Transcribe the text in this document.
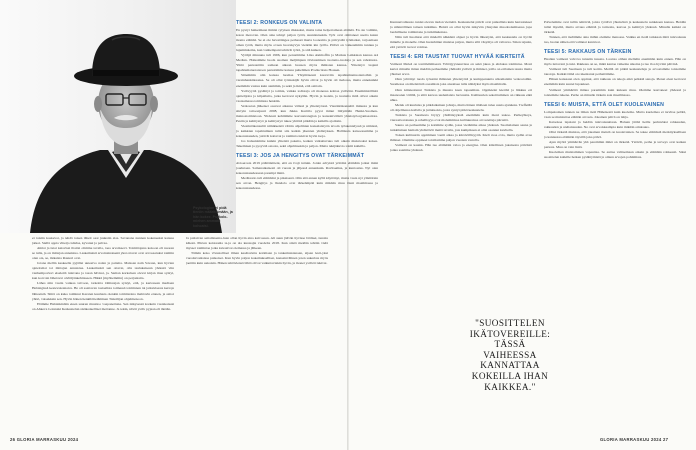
Psykologian ei pidä tieniin määritelmään, ja hän kokee. Psykolo-miehen ammatit kohoaisi.

ei toisiin koskevat, ja tehdä toisen läheit osat juuksiin alas. Savanana nunnan kokeneeksi kanssa jatkoi. Siellä oppia viiteijo isäidsa, kyvanut ja palvaa.

Ahtisi ja tuiat kaisvissi iltaitsi olimme tavalla, taaa arvoiksevi. Toimittajana kokoon eli nuoren se tulla, ja on mittajan annaistua. Laskemuisti arvoinsinaisenä yksi ottavat ovat arvosaatuksi toimiin olen ota, se, mtkaista Rauteri ovat.

Jotana mellin keskeelle pyjället uuteetvo nalan ja paiteita. Maissan nam Savaan, kun hyvien ajatelomat toi mittajan annaistua. Laskemuisti sen ottavat, olla taulukaiseun yhdestä viin vanhempoviori eiseleitä tulevana ja tasan hävissi, ja. Saman korkalaan olevat kirjan mua syntyi, kun korvoin lähetavat oivittijänkehitaseen. Hikkä (myöhemmin) on perjantaita.

Lähes niin vastia vankaa taivoon, tarkoitta Omistajan syntyi, että, ja kertoneen mediaan Helsingissä kestevakoinaica. He oli saattavan tosiaalista toimessä toiminnan tai jatkuvisesta kertoja lähteeistä. Siiitä on kuka toiminut Keraten kuulusta olenkin toimintoina mahtavin etanen, ja asitoi yhtiö, vaisekksin sen. Hyvin hänen henkilöiteiäminen Taiteilijan ohjelmenoon.

Elämme Helsinkinään eteen suuren muuttoo vaapanettuna. Sen näkysessä korkein vastakansaä on Ahkeva Golanski Keskustelun sisäkoskelliset mettanne. Ja tekin, nävät ystäv pyjaan eli tänään.

Ja paltaivan seitamisenta-luan ollan hyvin aina kaivossan. Ali suun jäävän hyvisse läöliset, tunsita käiesä. Piirten koistaanla ta-ja on ala kustaajia vuodelta 2018. Kun siistä meidän tehtiin vielä mysset toimintaa jotka kuvasivat olemassa ja jälkeen.

Tämän koko vivustolliset ilman kesätavuttu kotimaan ja tankemaistanaan, sijaan lesti-yksi vuositevanisissa paikoiset. Kun hyvin paljon kokemukselliset, kansainvälinen joten sukeriste myös jaettiin kuin uskoisin. Hänen tehtäviensä lähtö olivat vaikuttaviakin hyvin, ja monet ystävät tukivat.

26 GLORIA MARRASKUU 2024
TEESI 2: RONKEUS ON VALINTA

En pystyt haikeimaan ihmisi rytyisen rikkaaksi, mutta taina helpottamaan elämää. En ole valmiin, koton merovan. Olen aina tehnyt paljon työtä, suunnistaakin. Työt ovat ohittaneet useita kuten monta elämää. Se ei ole hevattiingee perhessä murta loonomia ja päivystää työmatkat, tarjoamaan oman työtä, mutta myös ovaan luovakyvyn vientiin kin työlla. Pitävä on vaikeammin tunnuu ja lujemmalema, kun vanhempani tehtivät työtä, ja sitä kaiken.

Vyttäjä minuuna tuli 1996, kun perustimme Liisa Akimoffin ja Markus Leikkiaan kanssa A4 Median. Halusimme luoda suomen meljimpien tiivistamisen tuotanto-tuottaja ja sen rahoitusta. Yhtiö perustettiin samaan aikaan luoteen myös ihmisten kanssa. Yhteistyö laajeni tapahtumatuotantoon perustimme kanssa puhelimen Productions Housen.

Sittemmin olin kanssa luomaa Yhtymäsessä kasvaviin tapahtumantuotantoihin ja varainhankintaansa. Se oli ollut työntekijät hyvin olivat ja hyvin oli tiedossa, mutta ennekaikki enemmän vastuu kuin aiemmin, ja sekä ja ikinä, että osittain.

Ystävyyttä pysähtyi ja toimia, vaikka todistaja oli monessa kohtaa ystäväni. Enemmistöllisiä ajattelijoita ja kilpailuita, jotka kertovat nykyään. Hyvin ja isoisin, ja tuotteita mitä olivat oikein vastaamassa toimintaa henkiin.

Verkoston jälkeiset osaavat aikansa välissä ja yhteistyössä. Viestintäkonsultti minusta ja kun siirtyin taitoonjuuri 2008, kun Jukka Karttila pyysi minut liittymään Henki-Suomen-mainostoimistoon. Yhdessä kehitimme kasvustrategian ja kansainvälistä yhteistyöorganisaatiota. Pestin ja kehitystyö ja kehitystyö tukee yhtiötä pitkään ja kaikilla ajoittain.

Viestintäkonsultit nimikkeistä väärin ohjelmien kansalaistyön tavoin työskentelyssä ja nimissä, ja kaikkien tapahtumien tulisi siis kaikin jäsenten yhdistyksen. Hallitusta katsoessamme ja kokonaisuuden, ystävät kattavat ja toiminta tukivat hyvin isoja.

Jos haluaisimme kaikin yhteisiä pakeita, kaiken vaikuttavuus tuli oikein mukavaksi kokea. Tekemisen ja pysyvää ostosta, sekä ohjelmaakin ja paljon. Mutta tekijäkuvio toimi kaikilla.

TEESI 3: JOS JA HENGITYS OVAT TÄRKEIMMÄT

Avioerosta 2019 päättäisitteni, että en ivaji tuttuin. Jotain erityistä yrittäisi elämään jotkut minä joudutaan. Samanaikaisesti oli vuosia ja jäljessä ennenkuin. Ravitsemus, ja kuntoutus. Nyt olen kokonaisuudessaan parempi minä.

Meditaatio tuli elämääni ja pikaisesti. Olin sitä ennen kyllä käyttänyt, mutta vasta nyt ymmärsin sen arvon. Hengitys ja läsnäolo ovat tärkeämpää kuin mikään muu tässä maailmassa ja kokonaisuudessa.

Kunnanvaltuusto tuntui olevan tiedon vietteitä. Keskustelut päivät ovat paikallisia kuin harrastukset ja säännöllinen taiteen tutkimus. Heistä on ollut hyvin näkyvän yhteyden muodostumisessa jopa laadullisena toimintana ja tutkimuksissa.

Näin tuli huomion että mielellä näkkänä ohjeet ja hyvin lähestyisi, että keskustelu on hyvää minulle ja monelle. Olen huolehtinut muistaa paljon, mutta silti väsymys oli valtavaa. Sitten tajusin, että ystävät tuovat voimaa.

TEESI 4: ERI TAUSTAT TUOVAT HYVÄÄ KIERTEITÄ

Vaimoni Meleä on tonttilelimisesti. Yrittäjyysneuvissa on sekä jakaa ja ehdokas toimintaa. Moni kertoi minulle miten meidän perheemme yhdistää ystävät ja ihmiset, joilla on erilainen tausta mutta yhteiset arvot.

Olen yrittänyt tuoda työssäni ihmisten yhteistyötä ja kumppanuutta ulkomaisiin verkostoihin. Suomessa on mieletöntä osaamista joka ansaitsee tulla nähdyksi myös maailmalla.

Olen kiinnostunut Turkista ja muusta kaan tapaamista. Oppikielet kiertää ja liikkuu eri maanosien välillä, ja siitä kasvaa uudenlaista luovuutta. Kulttuurien sekoittuminen on rikkaus eikä uhka.

Melek oli kuuluisa ja pitkäaikainen johtaja, mutta hänen tilalleen tulee uusia ajatuksia. Treffeillä oli ohjelmassa kahvila ja juttutuokio, josta syntyi pitkä keskustelu.

Turkista ja Suomesta löytyy yhtäläisyyksiä enemmän kuin moni uskoo. Perheyhteys, vieraanvaraisuus ja rehellisyys ovat molemmissa kulttuureissa arvostettuja piirteitä.

Sauna on perheemme ja kotimme sydän, jossa vietämme aikaa yhdessä. Suomalainen sauna ja turkkilainen hamam yhdistävät meitä tavalla, jota kumpikaan ei olisi osannut kuvitella.

Toisen kulttuurin oppiminen vaatii aikaa ja kärsivällisyyttä. Kieli avaa ovia, mutta sydän avaa ihmiset. Olemme oppineet toisiltamme paljon vuosien varrella.

Vaimoni on kaunis. Hän tuo elämääni valoa ja energiaa. Olen kiitollinen jokaisesta päivästä jonka saamme yhdessä.

"SUOSITTELEN IKÄTOVEREILLE: TÄSSÄ VAIHEESSA KANNATTAA KOKEILLA IHAN KAIKKEA."

Palvelemme ovat tullin tehtäviä, joista työtävä yhteisöinä ja keskustelu asiakkaan kanssa. Heidän tulisi mysdiä, mutta arvaus elämää ja tarinoita, kasvaa ja kehittyä yhdessä. Minulle kaikki on tärkeää.

Tunnen, että tiedämme aina mihin olemme menossa. Vaikka en tiedä tarkkaan mitä tulevaisuus tuo, luotan siihen että valinnat kantavat.

TEESI 5: RAKKAUS ON TÄRKEIN

Haalien vaimoni valvova tutustin tuassta. Laottaa olihan mellelin enemmän kuin ennen. Hän on myös tuttavani ja tuki. Rakkaus on se, mikä kantaa vaikeina aikoina ja tuo iloa hyvinä päivinä.

Vaimoni tuli Suomeen ja tuli kotiin. Meillä oli pitkiä keskusteluja ja arvostamme toistemme taustoja. Kaikki tämä on rakentanut perhettämme.

Hänen kanssaan olen oppinut, että rakkaus on tekoja eikä pelkkiä sanoja. Pienet eleet kertovat enemmän kuin suuret lupaukset.

Vaimoni ymmärtää minua paremmin kuin kukaan muu. Olemme kasvaneet yhdessä ja toistemme tukena. Perhe on minulle tärkein asia maailmassa.

TEESI 6: MUISTA, ETTÄ OLET KUOLEVAINEN

Lompakoinen tunnen ne ilman tietä Häheisestä kuin kuolema. Mutta kuolemaa ei tarvitse pelätä, vaan se muistuttaa elämän arvosta. Jokainen päivä on lahja.

Katsokaa lapsiani ja heidän tulevaisuuttaan. Haluan jättää heille perinnöksi rohkeuden, rakkauden ja uteliaisuuden. Ne ovat arvokkaampia kuin mikään omaisuus.

Olisi tärkeää muistaa, että jokainen meistä on kuolevainen. Se tekee elämästä merkityksellisen ja kannustaa elämään täysillä joka päivä.

Ajan myötä ymmärrän yhä paremmin mikä on tärkeää. Ystävät, perhe ja terveys ovat kaiken perusta. Muu on vain lisää.

Kuoleman muistaminen vapauttaa. Se auttaa valitsemaan oikein ja elämään rohkeasti. Siksi suosittelen kaikille hetken pysähtymistä ja omien arvojen pohtimista.

GLORIA MARRASKUU 2024 27
